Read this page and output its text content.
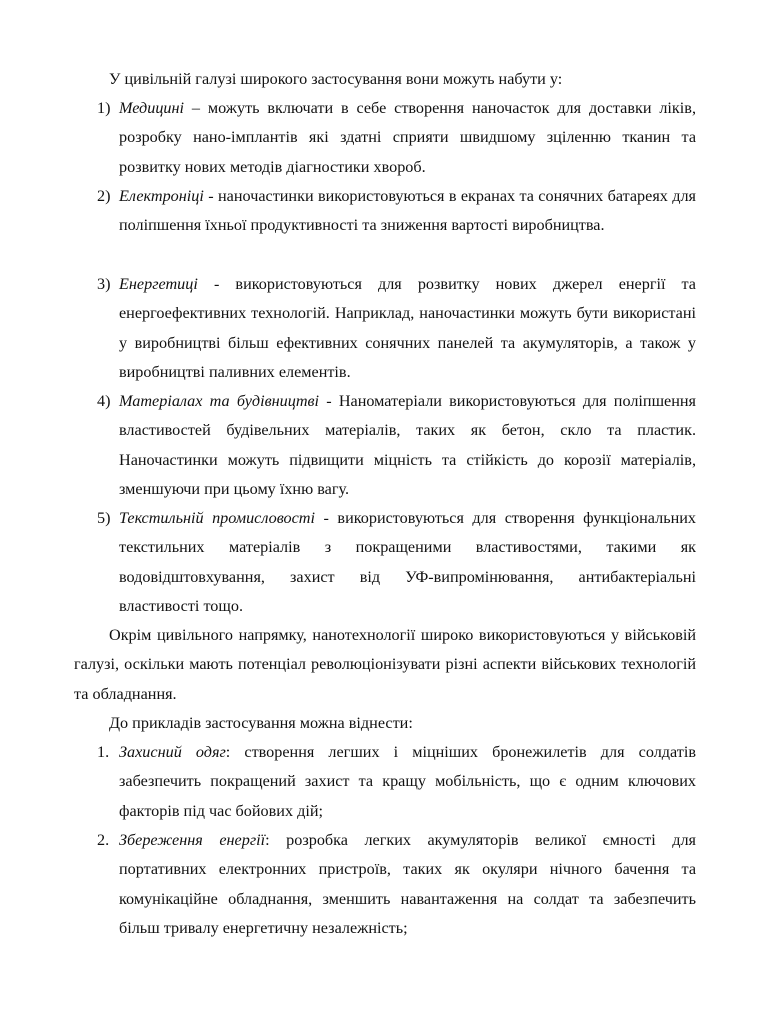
У цивільній галузі широкого застосування вони можуть набути у:

1) Медицині – можуть включати в себе створення наночасток для доставки ліків, розробку нано-імплантів які здатні сприяти швидшому зціленню тканин та розвитку нових методів діагностики хвороб.
2) Електроніці - наночастинки використовуються в екранах та сонячних батареях для поліпшення їхньої продуктивності та зниження вартості виробництва.
3) Енергетиці - використовуються для розвитку нових джерел енергії та енергоефективних технологій. Наприклад, наночастинки можуть бути використані у виробництві більш ефективних сонячних панелей та акумуляторів, а також у виробництві паливних елементів.
4) Матеріалах та будівництві - Наноматеріали використовуються для поліпшення властивостей будівельних матеріалів, таких як бетон, скло та пластик. Наночастинки можуть підвищити міцність та стійкість до корозії матеріалів, зменшуючи при цьому їхню вагу.
5) Текстильній промисловості - використовуються для створення функціональних текстильних матеріалів з покращеними властивостями, такими як водовідштовхування, захист від УФ-випромінювання, антибактеріальні властивості тощо.

Окрім цивільного напрямку, нанотехнології широко використовуються у військовій галузі, оскільки мають потенціал революціонізувати різні аспекти військових технологій та обладнання.

До прикладів застосування можна віднести:

1. Захисний одяг: створення легших і міцніших бронежилетів для солдатів забезпечить покращений захист та кращу мобільність, що є одним ключових факторів під час бойових дій;
2. Збереження енергії: розробка легких акумуляторів великої ємності для портативних електронних пристроїв, таких як окуляри нічного бачення та комунікаційне обладнання, зменшить навантаження на солдат та забезпечить більш тривалу енергетичну незалежність;
